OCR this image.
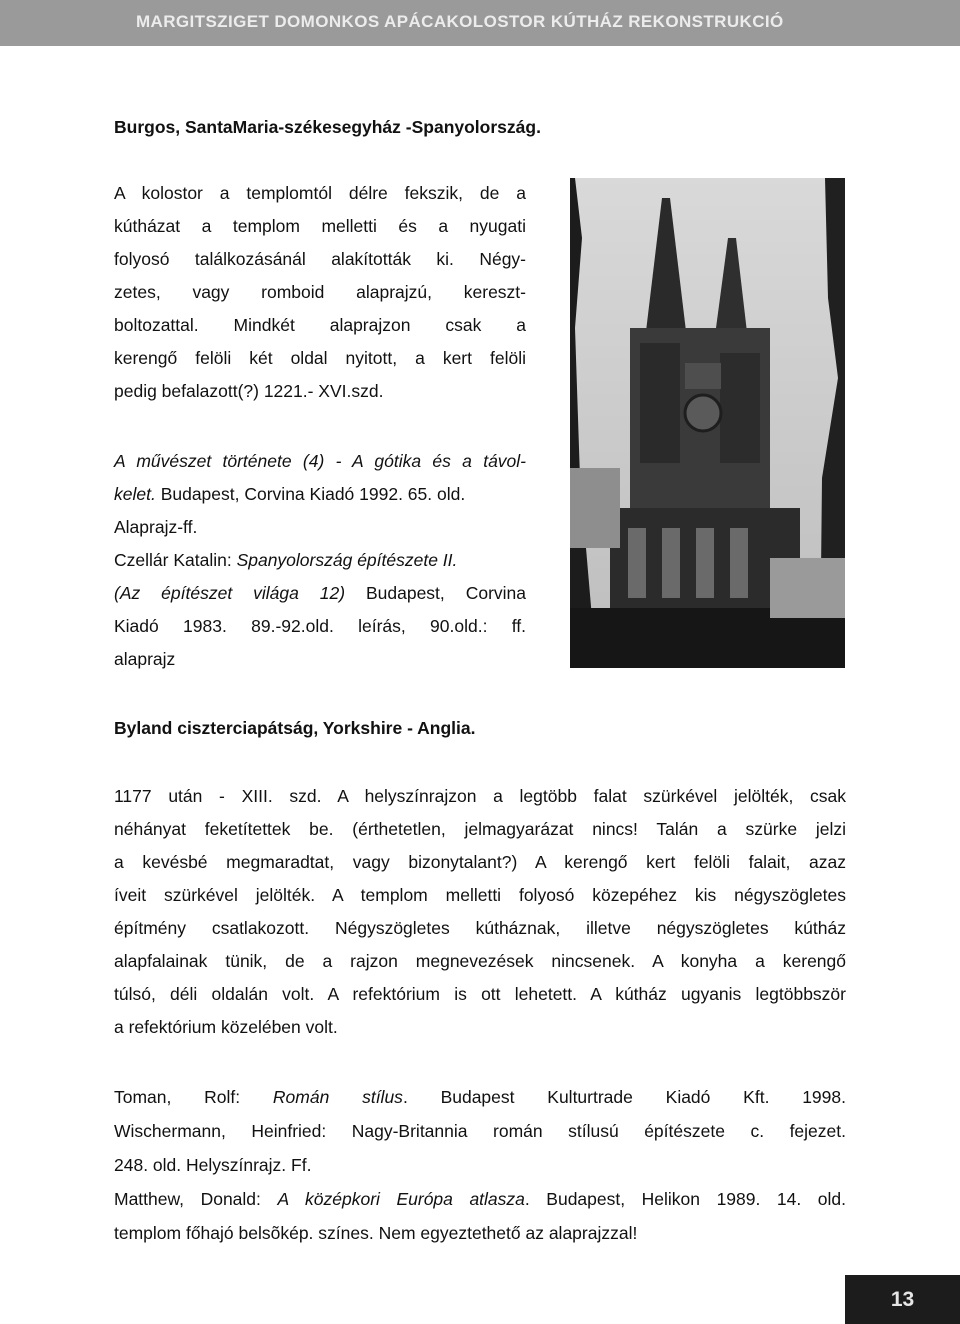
MARGITSZIGET DOMONKOS APÁCAKOLOSTOR KÚTHÁZ REKONSTRUKCIÓ
Burgos, SantaMaria-székesegyház -Spanyolország.
A kolostor a templomtól délre fekszik, de a
kútházat a templom melletti és a nyugati
folyosó találkozásánál alakították ki. Négy-
zetes, vagy romboid alaprajzú, kereszt-
boltozattal. Mindkét alaprajzon csak a
kerengő felöli két oldal nyitott, a kert felöli
pedig befalazott(?) 1221.- XVI.szd.
A művészet története (4) - A gótika és a távol-
kelet. Budapest, Corvina Kiadó 1992. 65. old.
Alaprajz-ff.
Czellár Katalin: Spanyolország építészete II.
(Az építészet világa 12) Budapest, Corvina
Kiadó 1983. 89.-92.old. leírás, 90.old.: ff.
alaprajz
Byland ciszterciapátság, Yorkshire - Anglia.
1177 után - XIII. szd. A helyszínrajzon a legtöbb falat szürkével jelölték, csak
néhányat feketítettek be. (érthetetlen, jelmagyarázat nincs! Talán a szürke jelzi
a kevésbé megmaradtat, vagy bizonytalant?) A kerengő kert felöli falait, azaz
íveit szürkével jelölték. A templom melletti folyosó közepéhez kis négyszögletes
építmény csatlakozott. Négyszögletes kútháznak, illetve négyszögletes kútház
alapfalainak tünik, de a rajzon megnevezések nincsenek. A konyha a kerengő
túlsó, déli oldalán volt. A refektórium is ott lehetett. A kútház ugyanis legtöbbször
a refektórium közelében volt.
Toman, Rolf: Román stílus. Budapest Kulturtrade Kiadó Kft. 1998.
Wischermann, Heinfried: Nagy-Britannia román stílusú építészete c. fejezet.
248. old. Helyszínrajz. Ff.
Matthew, Donald: A középkori Európa atlasza. Budapest, Helikon 1989. 14. old.
templom főhajó belsõkép. színes. Nem egyeztethető az alaprajzzal!
13
